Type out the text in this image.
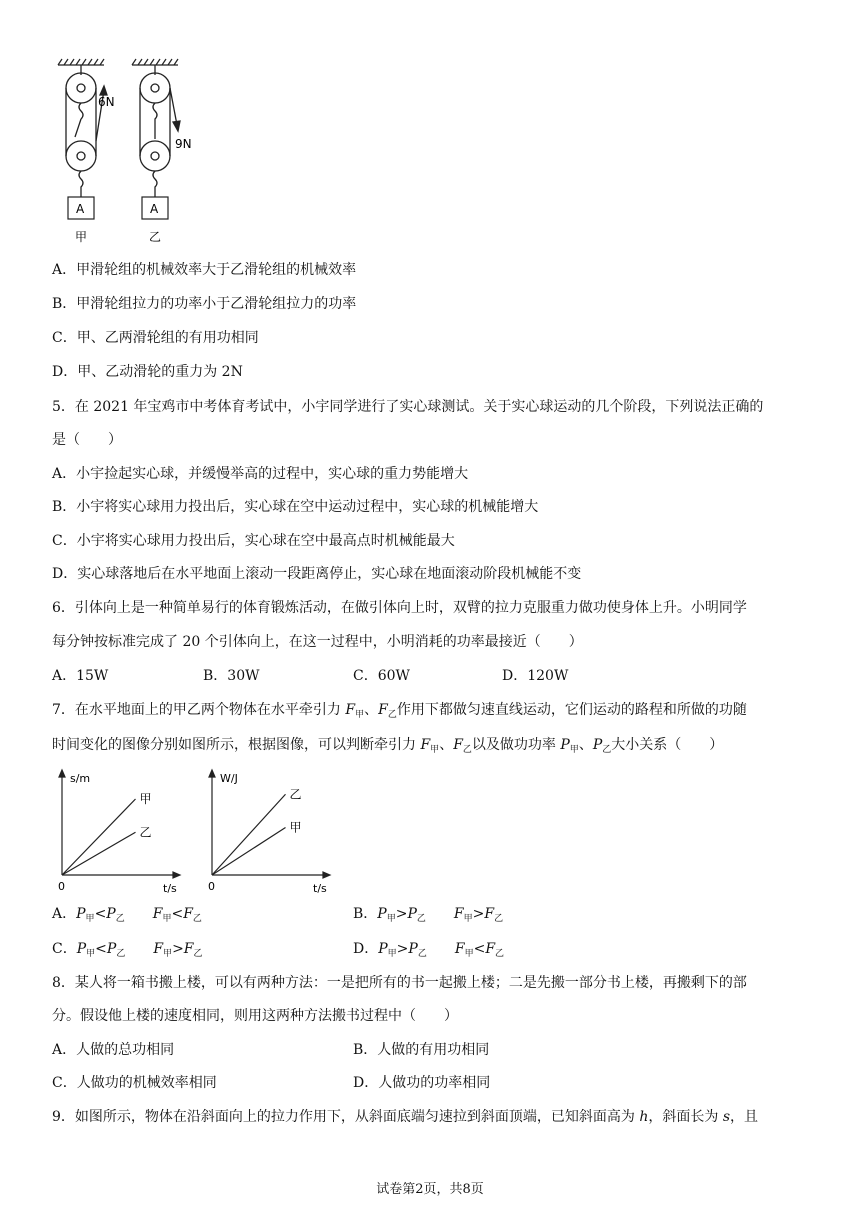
6N
9N
A	A
甲	乙
A．甲滑轮组的机械效率大于乙滑轮组的机械效率
B．甲滑轮组拉力的功率小于乙滑轮组拉力的功率
C．甲、乙两滑轮组的有用功相同
D．甲、乙动滑轮的重力为 2N
5．在 2021 年宝鸡市中考体育考试中，小宇同学进行了实心球测试。关于实心球运动的几个阶段，下列说法正确的
是（　　）
A．小宇捡起实心球，并缓慢举高的过程中，实心球的重力势能增大
B．小宇将实心球用力投出后，实心球在空中运动过程中，实心球的机械能增大
C．小宇将实心球用力投出后，实心球在空中最高点时机械能最大
D．实心球落地后在水平地面上滚动一段距离停止，实心球在地面滚动阶段机械能不变
6．引体向上是一种简单易行的体育锻炼活动，在做引体向上时，双臂的拉力克服重力做功使身体上升。小明同学
每分钟按标准完成了 20 个引体向上，在这一过程中，小明消耗的功率最接近（　　）
A．15W	B．30W	C．60W	D．120W
7．在水平地面上的甲乙两个物体在水平牵引力 $F_甲$、$F_乙$作用下都做匀速直线运动，它们运动的路程和所做的功随
时间变化的图像分别如图所示，根据图像，可以判断牵引力 $F_甲$、$F_乙$以及做功功率 $P_甲$、$P_乙$大小关系（　　）
s/m
t/s
0
甲
乙
W/J
t/s
0
乙
甲
A．$P_甲<P_乙$   $F_甲<F_乙$	B．$P_甲>P_乙$   $F_甲>F_乙$
C．$P_甲<P_乙$   $F_甲>F_乙$	D．$P_甲>P_乙$   $F_甲<F_乙$
8．某人将一箱书搬上楼，可以有两种方法：一是把所有的书一起搬上楼；二是先搬一部分书上楼，再搬剩下的部
分。假设他上楼的速度相同，则用这两种方法搬书过程中（　　）
A．人做的总功相同	B．人做的有用功相同
C．人做功的机械效率相同	D．人做功的功率相同
9．如图所示，物体在沿斜面向上的拉力作用下，从斜面底端匀速拉到斜面顶端，已知斜面高为 h，斜面长为 s，且
试卷第2页，共8页
